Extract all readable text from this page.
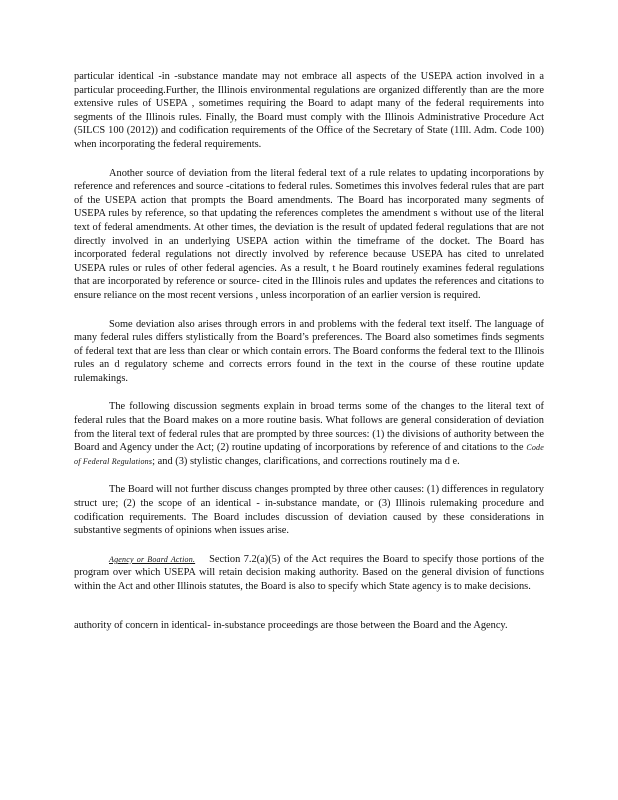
particular identical -in -substance mandate may not embrace all aspects of the USEPA action involved in a particular proceeding.Further, the Illinois environmental regulations are organized differently than are the more extensive rules of USEPA , sometimes requiring the Board to adapt many of the federal requirements into segments of the Illinois rules. Finally, the Board must comply with the Illinois Administrative Procedure Act (5ILCS 100 (2012)) and codification requirements of the Office of the Secretary of State (1Ill. Adm. Code 100) when incorporating the federal requirements.

Another source of deviation from the literal federal text of a rule relates to updating incorporations by reference and references and source -citations to federal rules. Sometimes this involves federal rules that are part of the USEPA action that prompts the Board amendments. The Board has incorporated many segments of USEPA rules by reference, so that updating the references completes the amendment s without use of the literal text of federal amendments. At other times, the deviation is the result of updated federal regulations that are not directly involved in an underlying USEPA action within the timeframe of the docket. The Board has incorporated federal regulations not directly involved by reference because USEPA has cited to unrelated USEPA rules or rules of other federal agencies. As a result, t he Board routinely examines federal regulations that are incorporated by reference or source- cited in the Illinois rules and updates the references and citations to ensure reliance on the most recent versions , unless incorporation of an earlier version is required.

Some deviation also arises through errors in and problems with the federal text itself. The language of many federal rules differs stylistically from the Board’s preferences. The Board also sometimes finds segments of federal text that are less than clear or which contain errors. The Board conforms the federal text to the Illinois rules an d regulatory scheme and corrects errors found in the text in the course of these routine update rulemakings.

The following discussion segments explain in broad terms some of the changes to the literal text of federal rules that the Board makes on a more routine basis. What follows are general consideration of deviation from the literal text of federal rules that are prompted by three sources: (1) the divisions of authority between the Board and Agency under the Act; (2) routine updating of incorporations by reference of and citations to the Code of Federal Regulations; and (3) stylistic changes, clarifications, and corrections routinely ma d e.

The Board will not further discuss changes prompted by three other causes: (1) differences in regulatory struct ure; (2) the scope of an identical - in-substance mandate, or (3) Illinois rulemaking procedure and codification requirements. The Board includes discussion of deviation caused by these considerations in substantive segments of opinions when issues arise.

Agency or Board Action. Section 7.2(a)(5) of the Act requires the Board to specify those portions of the program over which USEPA will retain decision making authority. Based on the general division of functions within the Act and other Illinois statutes, the Board is also to specify which State agency is to make decisions.

authority of concern in identical- in-substance proceedings are those between the Board and the Agency.
